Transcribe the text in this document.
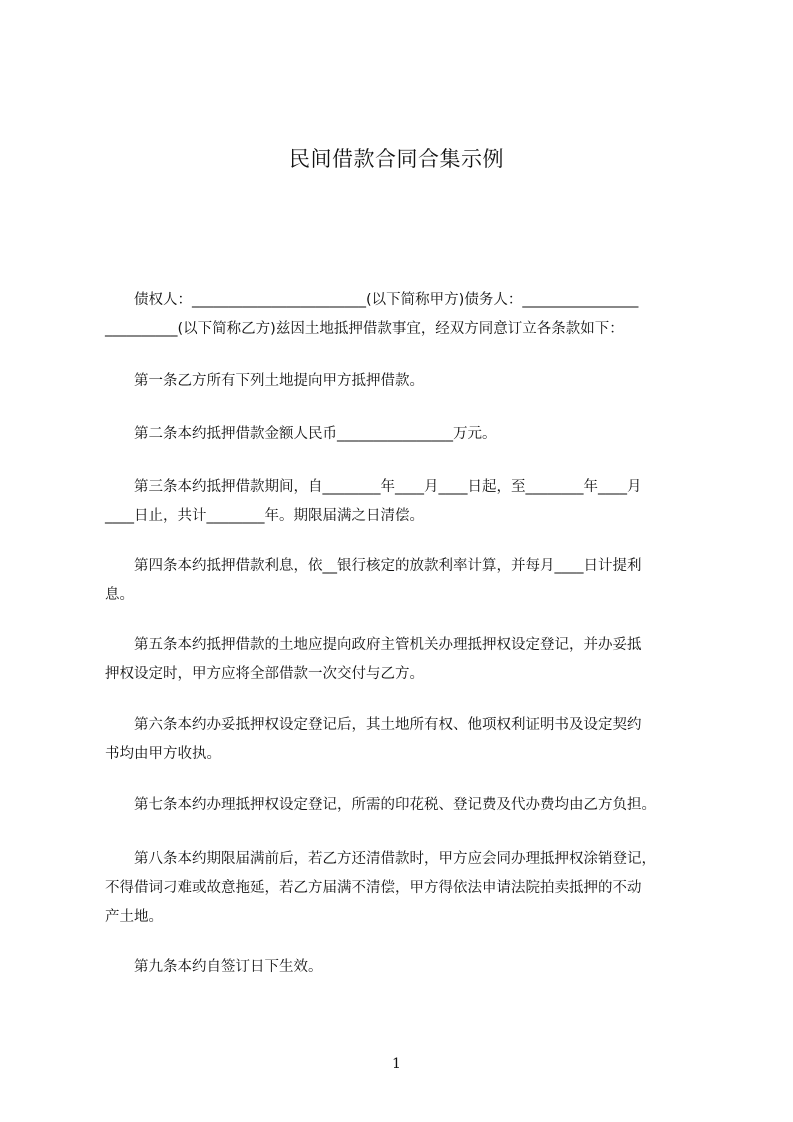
民间借款合同合集示例

　　债权人：________________________(以下简称甲方)债务人：________________
__________(以下简称乙方)兹因土地抵押借款事宜，经双方同意订立各条款如下：

　　第一条乙方所有下列土地提向甲方抵押借款。

　　第二条本约抵押借款金额人民币________________万元。

　　第三条本约抵押借款期间，自________年____月____日起，至________年____月
____日止，共计________年。期限届满之日清偿。

　　第四条本约抵押借款利息，依__银行核定的放款利率计算，并每月____日计提利
息。

　　第五条本约抵押借款的土地应提向政府主管机关办理抵押权设定登记，并办妥抵
押权设定时，甲方应将全部借款一次交付与乙方。

　　第六条本约办妥抵押权设定登记后，其土地所有权、他项权利证明书及设定契约
书均由甲方收执。

　　第七条本约办理抵押权设定登记，所需的印花税、登记费及代办费均由乙方负担。

　　第八条本约期限届满前后，若乙方还清借款时，甲方应会同办理抵押权涂销登记，
不得借词刁难或故意拖延，若乙方届满不清偿，甲方得依法申请法院拍卖抵押的不动
产土地。

　　第九条本约自签订日下生效。

1
